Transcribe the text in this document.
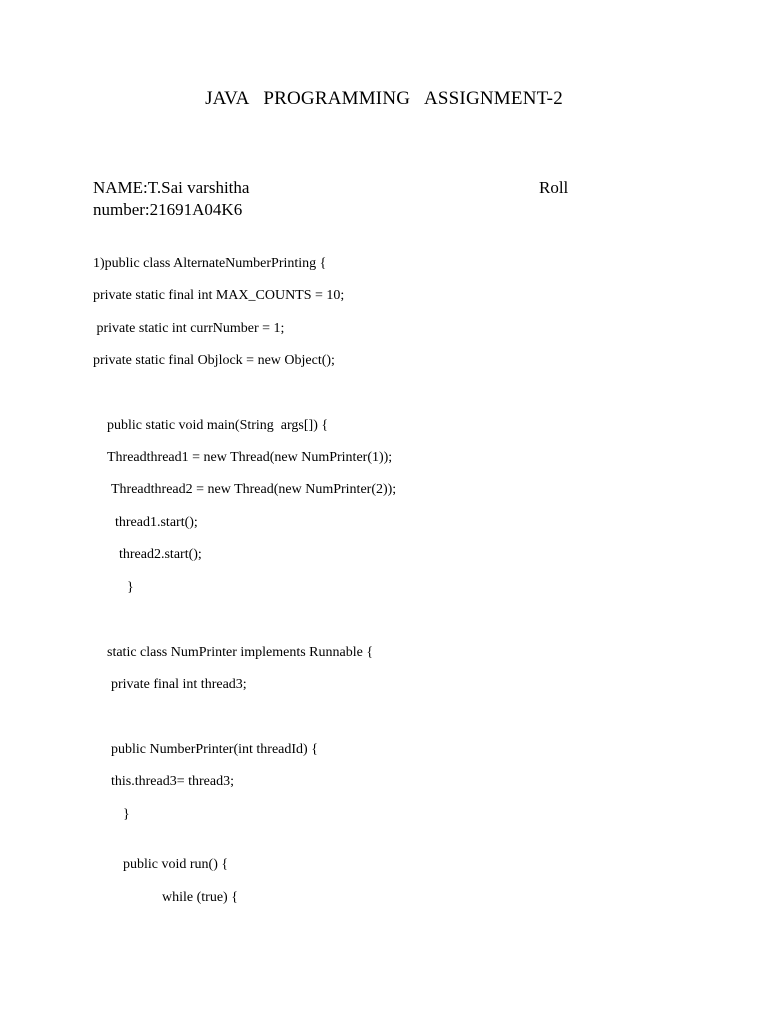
JAVA   PROGRAMMING   ASSIGNMENT-2
NAME:T.Sai varshitha	Roll
number:21691A04K6
1)public class AlternateNumberPrinting {
private static final int MAX_COUNTS = 10;
private static int currNumber = 1;
private static final Objlock = new Object();
public static void main(String  args[]) {
Threadthread1 = new Thread(new NumPrinter(1));
Threadthread2 = new Thread(new NumPrinter(2));
thread1.start();
thread2.start();
}
static class NumPrinter implements Runnable {
private final int thread3;
public NumberPrinter(int threadId) {
this.thread3= thread3;
}
public void run() {
while (true) {
